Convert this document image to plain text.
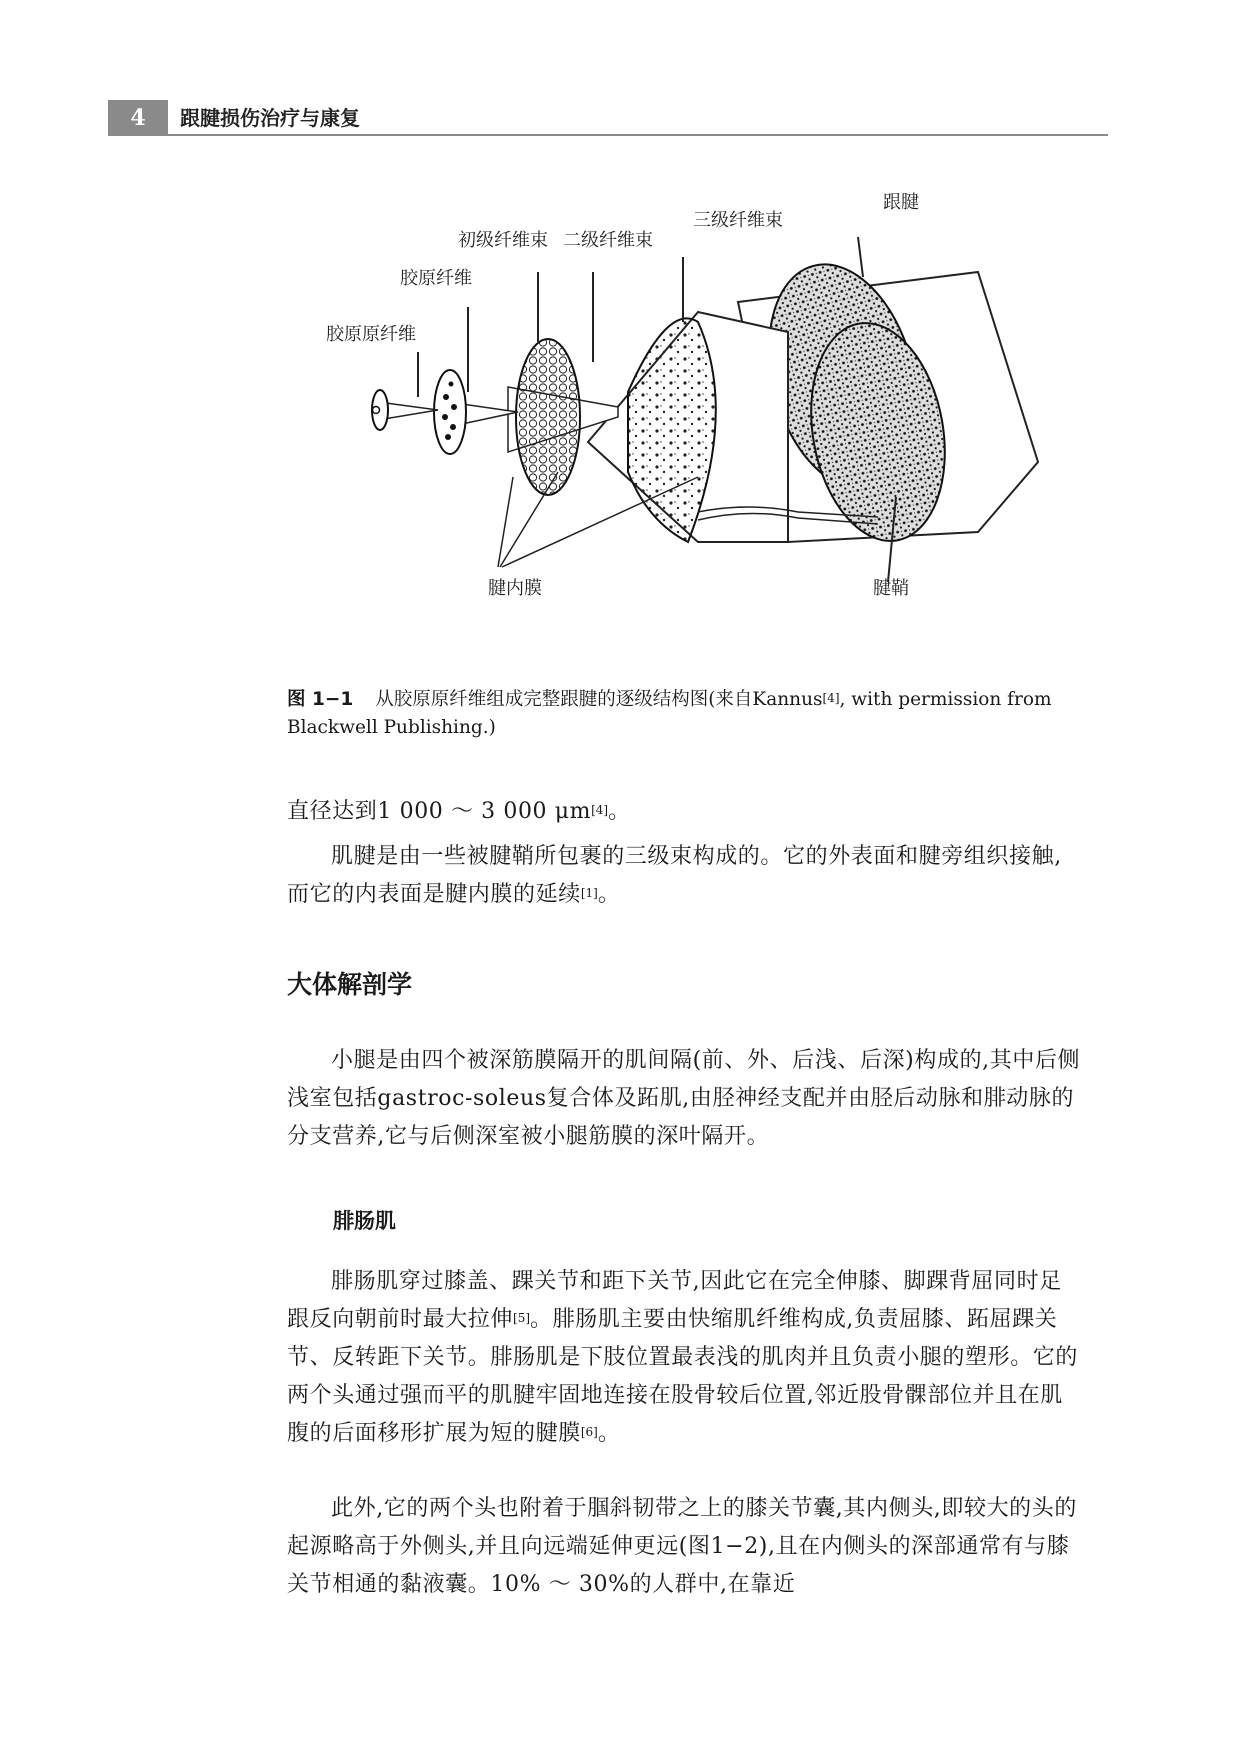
4	跟腱损伤治疗与康复
胶原原纤维
胶原纤维
初级纤维束 二级纤维束
三级纤维束
跟腱
腱内膜	腱鞘
图 1−1 从胶原原纤维组成完整跟腱的逐级结构图(来自Kannus[4], with permission from Blackwell Publishing.)
直径达到1 000 ～ 3 000 μm[4]。
肌腱是由一些被腱鞘所包裹的三级束构成的。它的外表面和腱旁组织接触,而它的内表面是腱内膜的延续[1]。
大体解剖学
小腿是由四个被深筋膜隔开的肌间隔(前、外、后浅、后深)构成的,其中后侧浅室包括gastroc-soleus复合体及跖肌,由胫神经支配并由胫后动脉和腓动脉的分支营养,它与后侧深室被小腿筋膜的深叶隔开。
腓肠肌
腓肠肌穿过膝盖、踝关节和距下关节,因此它在完全伸膝、脚踝背屈同时足跟反向朝前时最大拉伸[5]。腓肠肌主要由快缩肌纤维构成,负责屈膝、跖屈踝关节、反转距下关节。腓肠肌是下肢位置最表浅的肌肉并且负责小腿的塑形。它的两个头通过强而平的肌腱牢固地连接在股骨较后位置,邻近股骨髁部位并且在肌腹的后面移形扩展为短的腱膜[6]。
此外,它的两个头也附着于腘斜韧带之上的膝关节囊,其内侧头,即较大的头的起源略高于外侧头,并且向远端延伸更远(图1−2),且在内侧头的深部通常有与膝关节相通的黏液囊。10% ～ 30%的人群中,在靠近
